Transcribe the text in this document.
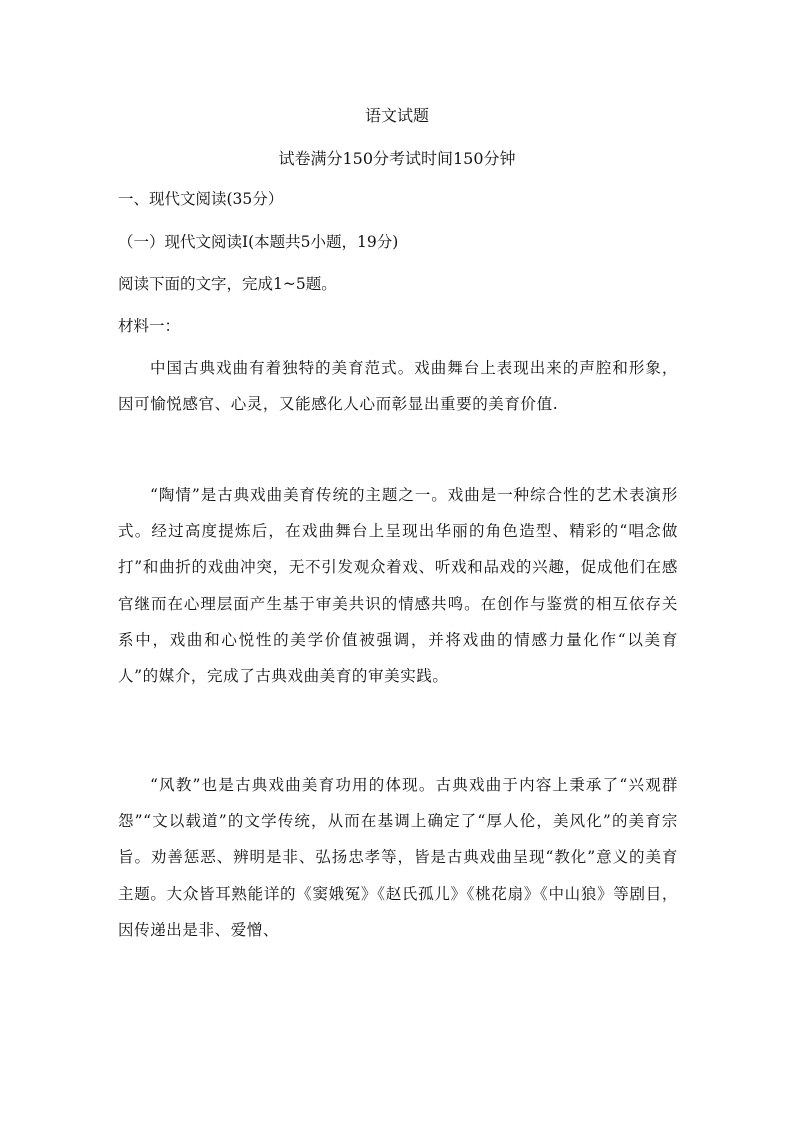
语文试题
试卷满分150分考试时间150分钟
一、现代文阅读(35分）
（一）现代文阅读I(本题共5小题，19分)
阅读下面的文字，完成1~5题。
材料一：

中国古典戏曲有着独特的美育范式。戏曲舞台上表现出来的声腔和形象，因可愉悦感官、心灵，又能感化人心而彰显出重要的美育价值.

“陶情”是古典戏曲美育传统的主题之一。戏曲是一种综合性的艺术表演形式。经过高度提炼后，在戏曲舞台上呈现出华丽的角色造型、精彩的“唱念做打”和曲折的戏曲冲突，无不引发观众着戏、听戏和品戏的兴趣，促成他们在感官继而在心理层面产生基于审美共识的情感共鸣。在创作与鉴赏的相互依存关系中，戏曲和心悦性的美学价值被强调，并将戏曲的情感力量化作“以美育人”的媒介，完成了古典戏曲美育的审美实践。

“风教”也是古典戏曲美育功用的体现。古典戏曲于内容上秉承了“兴观群怨”“文以载道”的文学传统，从而在基调上确定了“厚人伦，美风化”的美育宗旨。劝善惩恶、辨明是非、弘扬忠孝等，皆是古典戏曲呈现“教化”意义的美育主题。大众皆耳熟能详的《窦娥冤》《赵氏孤儿》《桃花扇》《中山狼》等剧目，因传递出是非、爱憎、
